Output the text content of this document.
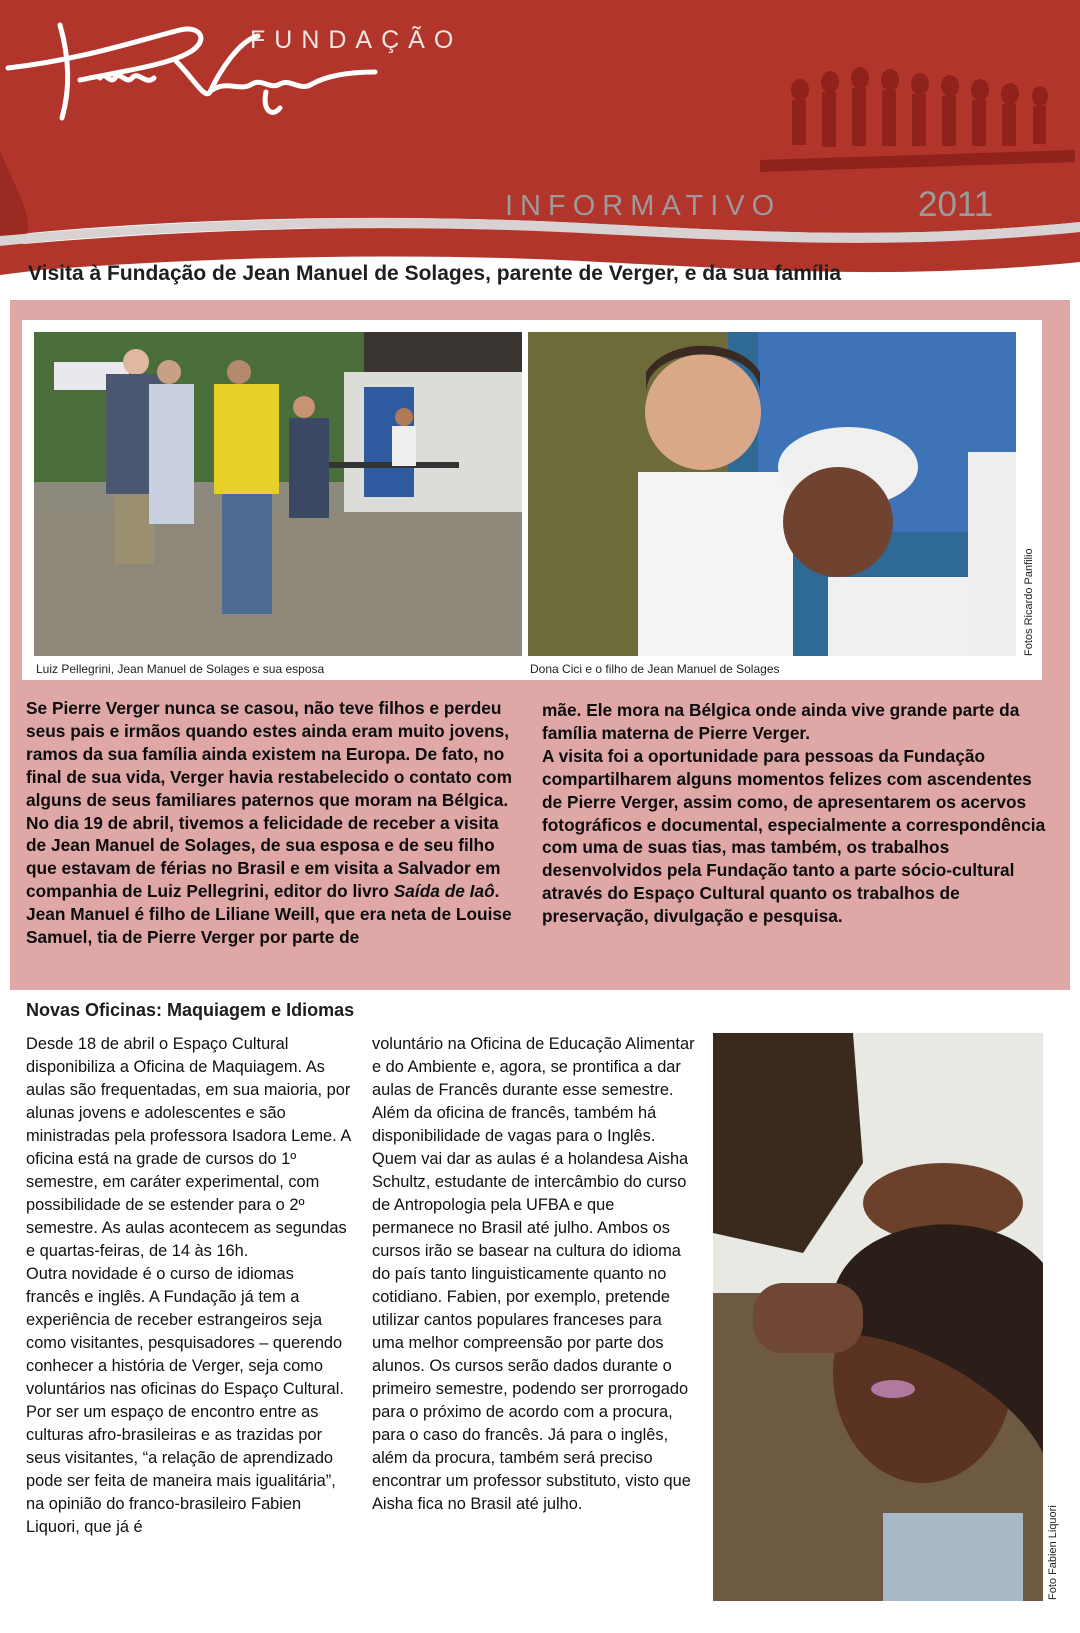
FUNDAÇÃO
INFORMATIVO abril 2011
Visita à Fundação de Jean Manuel de Solages, parente de Verger, e da sua família
Luiz Pellegrini, Jean Manuel de Solages e sua esposa	Dona Cici e o filho de Jean Manuel de Solages
Fotos Ricardo Panfilio

Se Pierre Verger nunca se casou, não teve filhos e perdeu seus pais e irmãos quando estes ainda eram muito jovens, ramos da sua família ainda existem na Europa. De fato, no final de sua vida, Verger havia restabelecido o contato com alguns de seus familiares paternos que moram na Bélgica. No dia 19 de abril, tivemos a felicidade de receber a visita de Jean Manuel de Solages, de sua esposa e de seu filho que estavam de férias no Brasil e em visita a Salvador em companhia de Luiz Pellegrini, editor do livro Saída de Iaô. Jean Manuel é filho de Liliane Weill, que era neta de Louise Samuel, tia de Pierre Verger por parte de

mãe. Ele mora na Bélgica onde ainda vive grande parte da família materna de Pierre Verger.

A visita foi a oportunidade para pessoas da Fundação compartilharem alguns momentos felizes com ascendentes de Pierre Verger, assim como, de apresentarem os acervos fotográficos e documental, especialmente a correspondência com uma de suas tias, mas também, os trabalhos desenvolvidos pela Fundação tanto a parte sócio-cultural através do Espaço Cultural quanto os trabalhos de preservação, divulgação e pesquisa.

Novas Oficinas: Maquiagem e Idiomas

Desde 18 de abril o Espaço Cultural disponibiliza a Oficina de Maquiagem. As aulas são frequentadas, em sua maioria, por alunas jovens e adolescentes e são ministradas pela professora Isadora Leme. A oficina está na grade de cursos do 1º semestre, em caráter experimental, com possibilidade de se estender para o 2º semestre. As aulas acontecem as segundas e quartas-feiras, de 14 às 16h.

Outra novidade é o curso de idiomas francês e inglês. A Fundação já tem a experiência de receber estrangeiros seja como visitantes, pesquisadores – querendo conhecer a história de Verger, seja como voluntários nas oficinas do Espaço Cultural. Por ser um espaço de encontro entre as culturas afro-brasileiras e as trazidas por seus visitantes, “a relação de aprendizado pode ser feita de maneira mais igualitária”, na opinião do franco-brasileiro Fabien Liquori, que já é

voluntário na Oficina de Educação Alimentar e do Ambiente e, agora, se prontifica a dar aulas de Francês durante esse semestre. Além da oficina de francês, também há disponibilidade de vagas para o Inglês. Quem vai dar as aulas é a holandesa Aisha Schultz, estudante de intercâmbio do curso de Antropologia pela UFBA e que permanece no Brasil até julho. Ambos os cursos irão se basear na cultura do idioma do país tanto linguisticamente quanto no cotidiano. Fabien, por exemplo, pretende utilizar cantos populares franceses para uma melhor compreensão por parte dos alunos. Os cursos serão dados durante o primeiro semestre, podendo ser prorrogado para o próximo de acordo com a procura, para o caso do francês. Já para o inglês, além da procura, também será preciso encontrar um professor substituto, visto que Aisha fica no Brasil até julho.

Foto Fabien Liquori
